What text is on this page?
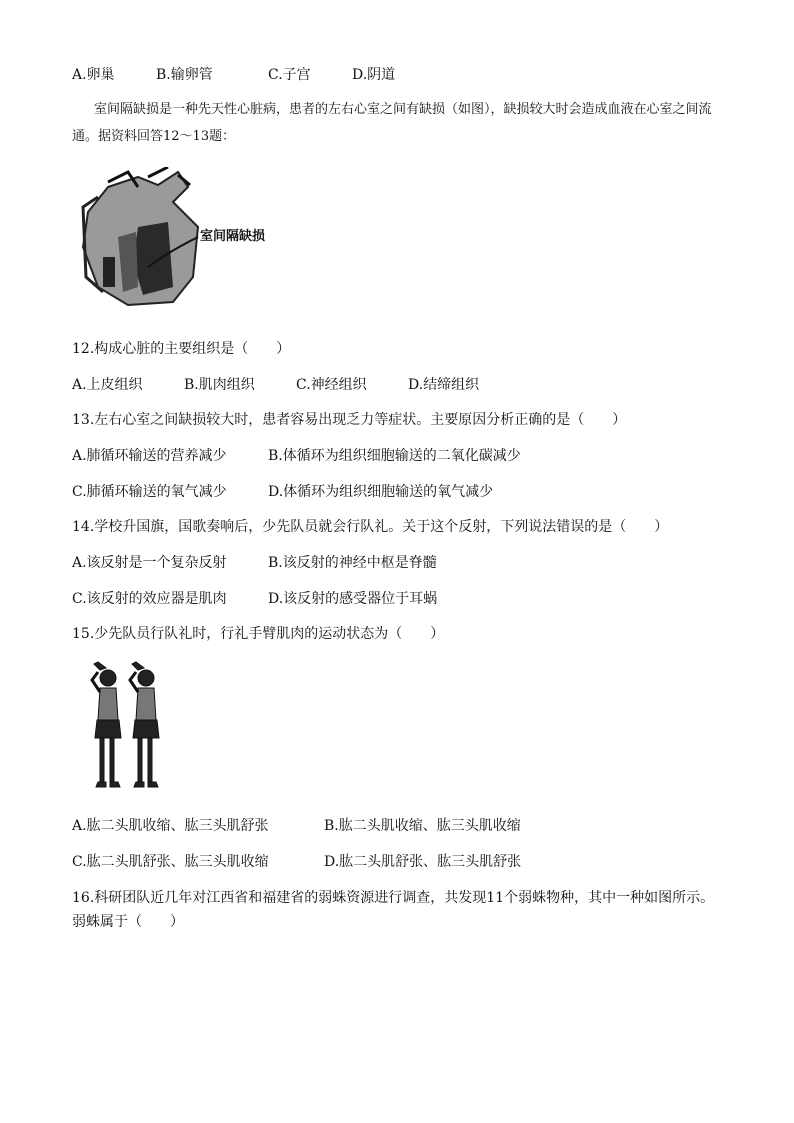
A.卵巢	B.输卵管	C.子宫	D.阴道
室间隔缺损是一种先天性心脏病，患者的左右心室之间有缺损（如图），缺损较大时会造成血液在心室之间流通。据资料回答12～13题：
室间隔缺损
12.构成心脏的主要组织是（　　）
A.上皮组织	B.肌肉组织	C.神经组织	D.结缔组织
13.左右心室之间缺损较大时，患者容易出现乏力等症状。主要原因分析正确的是（　　）
A.肺循环输送的营养减少	B.体循环为组织细胞输送的二氧化碳减少
C.肺循环输送的氧气减少	D.体循环为组织细胞输送的氧气减少
14.学校升国旗，国歌奏响后，少先队员就会行队礼。关于这个反射，下列说法错误的是（　　）
A.该反射是一个复杂反射	B.该反射的神经中枢是脊髓
C.该反射的效应器是肌肉	D.该反射的感受器位于耳蜗
15.少先队员行队礼时，行礼手臂肌肉的运动状态为（　　）
A.肱二头肌收缩、肱三头肌舒张	B.肱二头肌收缩、肱三头肌收缩
C.肱二头肌舒张、肱三头肌收缩	D.肱二头肌舒张、肱三头肌舒张
16.科研团队近几年对江西省和福建省的弱蛛资源进行调查，共发现11个弱蛛物种，其中一种如图所示。
弱蛛属于（　　）
